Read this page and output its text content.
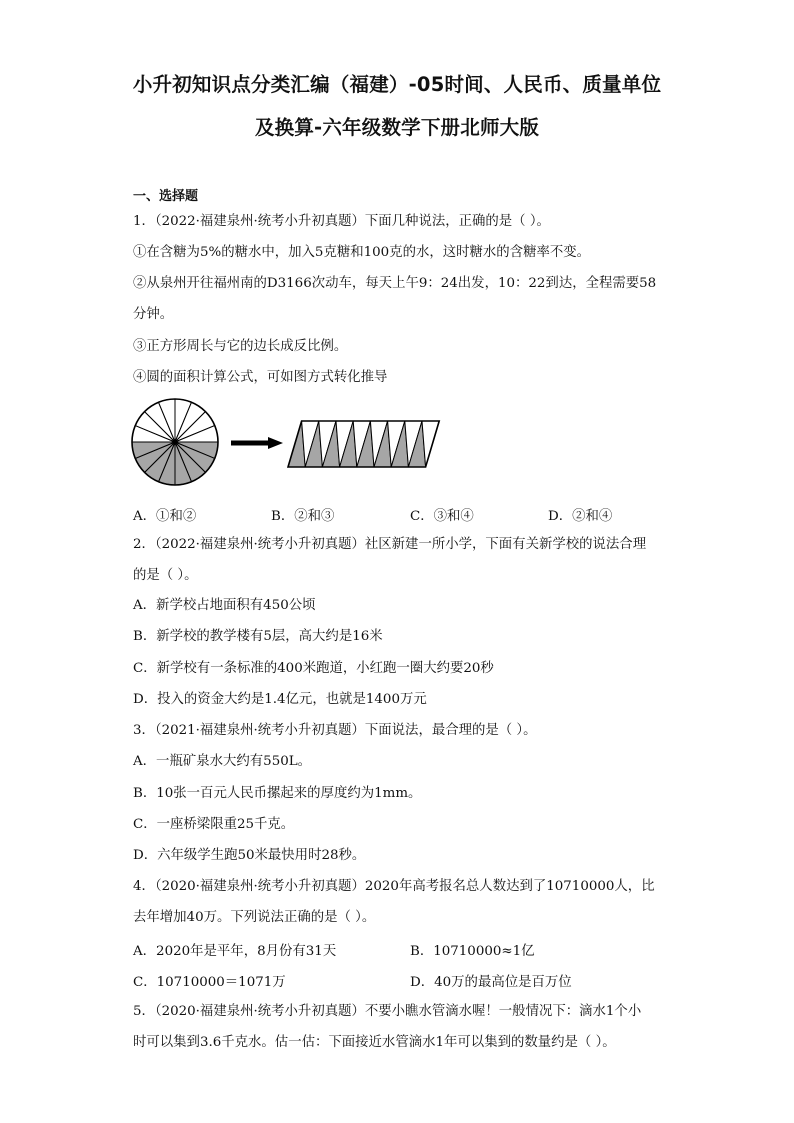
小升初知识点分类汇编（福建）-05时间、人民币、质量单位
及换算-六年级数学下册北师大版
一、选择题
1．（2022·福建泉州·统考小升初真题）下面几种说法，正确的是（ ）。
①在含糖为5%的糖水中，加入5克糖和100克的水，这时糖水的含糖率不变。
②从泉州开往福州南的D3166次动车，每天上午9：24出发，10：22到达，全程需要58
分钟。
③正方形周长与它的边长成反比例。
④圆的面积计算公式，可如图方式转化推导
A．①和②	B．②和③	C．③和④	D．②和④
2．（2022·福建泉州·统考小升初真题）社区新建一所小学，下面有关新学校的说法合理
的是（ ）。
A．新学校占地面积有450公顷
B．新学校的教学楼有5层，高大约是16米
C．新学校有一条标准的400米跑道，小红跑一圈大约要20秒
D．投入的资金大约是1.4亿元，也就是1400万元
3．（2021·福建泉州·统考小升初真题）下面说法，最合理的是（ ）。
A．一瓶矿泉水大约有550L。
B．10张一百元人民币摞起来的厚度约为1mm。
C．一座桥梁限重25千克。
D．六年级学生跑50米最快用时28秒。
4．（2020·福建泉州·统考小升初真题）2020年高考报名总人数达到了10710000人，比
去年增加40万。下列说法正确的是（ ）。
A．2020年是平年，8月份有31天	B．10710000≈1亿
C．10710000＝1071万	D．40万的最高位是百万位
5．（2020·福建泉州·统考小升初真题）不要小瞧水管滴水喔！一般情况下：滴水1个小
时可以集到3.6千克水。估一估：下面接近水管滴水1年可以集到的数量约是（ ）。
